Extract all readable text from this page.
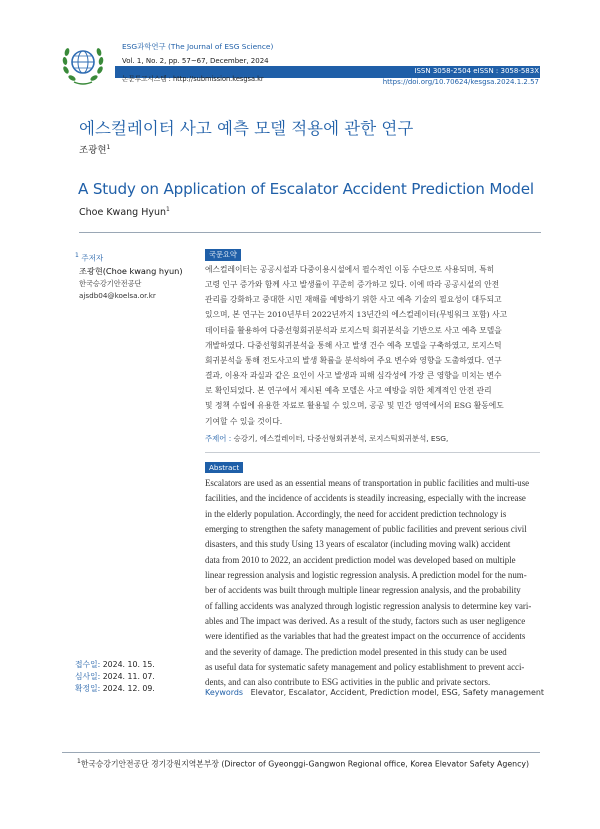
ESG과학연구 (The Journal of ESG Science)
Vol. 1, No. 2, pp. 57~67, December, 2024
논문투고시스템 : http://submission.kesgsa.kr
ISSN 3058-2504 eISSN : 3058-583X
https://doi.org/10.70624/kesgsa.2024.1.2.57
에스컬레이터 사고 예측 모델 적용에 관한 연구
조광현$^1$
A Study on Application of Escalator Accident Prediction Model
Choe Kwang Hyun$^1$
$^1$ 주저자
조광현(Choe kwang hyun)
한국승강기안전공단
ajsdb04@koelsa.or.kr
접수일: 2024. 10. 15.
심사일: 2024. 11. 07.
확정일: 2024. 12. 09.
국문요약
에스컬레이터는 공공시설과 다중이용시설에서 필수적인 이동 수단으로 사용되며, 특히
고령 인구 증가와 함께 사고 발생률이 꾸준히 증가하고 있다. 이에 따라 공공시설의 안전
관리를 강화하고 중대한 시민 재해를 예방하기 위한 사고 예측 기술의 필요성이 대두되고
있으며, 본 연구는 2010년부터 2022년까지 13년간의 에스컬레이터(무빙워크 포함) 사고
데이터를 활용하여 다중선형회귀분석과 로지스틱 회귀분석을 기반으로 사고 예측 모델을
개발하였다. 다중선형회귀분석을 통해 사고 발생 건수 예측 모델을 구축하였고, 로지스틱
회귀분석을 통해 전도사고의 발생 확률을 분석하여 주요 변수와 영향을 도출하였다. 연구
결과, 이용자 과실과 같은 요인이 사고 발생과 피해 심각성에 가장 큰 영향을 미치는 변수
로 확인되었다. 본 연구에서 제시된 예측 모델은 사고 예방을 위한 체계적인 안전 관리
및 정책 수립에 유용한 자료로 활용될 수 있으며, 공공 및 민간 영역에서의 ESG 활동에도
기여할 수 있을 것이다.
주제어 : 승강기, 에스컬레이터, 다중선형회귀분석, 로지스틱회귀분석, ESG,
Abstract
Escalators are used as an essential means of transportation in public facilities and multi-use
facilities, and the incidence of accidents is steadily increasing, especially with the increase
in the elderly population. Accordingly, the need for accident prediction technology is
emerging to strengthen the safety management of public facilities and prevent serious civil
disasters, and this study Using 13 years of escalator (including moving walk) accident
data from 2010 to 2022, an accident prediction model was developed based on multiple
linear regression analysis and logistic regression analysis. A prediction model for the num-
ber of accidents was built through multiple linear regression analysis, and the probability
of falling accidents was analyzed through logistic regression analysis to determine key vari-
ables and The impact was derived. As a result of the study, factors such as user negligence
were identified as the variables that had the greatest impact on the occurrence of accidents
and the severity of damage. The prediction model presented in this study can be used
as useful data for systematic safety management and policy establishment to prevent acci-
dents, and can also contribute to ESG activities in the public and private sectors.
Keywords Elevator, Escalator, Accident, Prediction model, ESG, Safety management
$^1$한국승강기안전공단 경기강원지역본부장 (Director of Gyeonggi-Gangwon Regional office, Korea Elevator Safety Agency)
